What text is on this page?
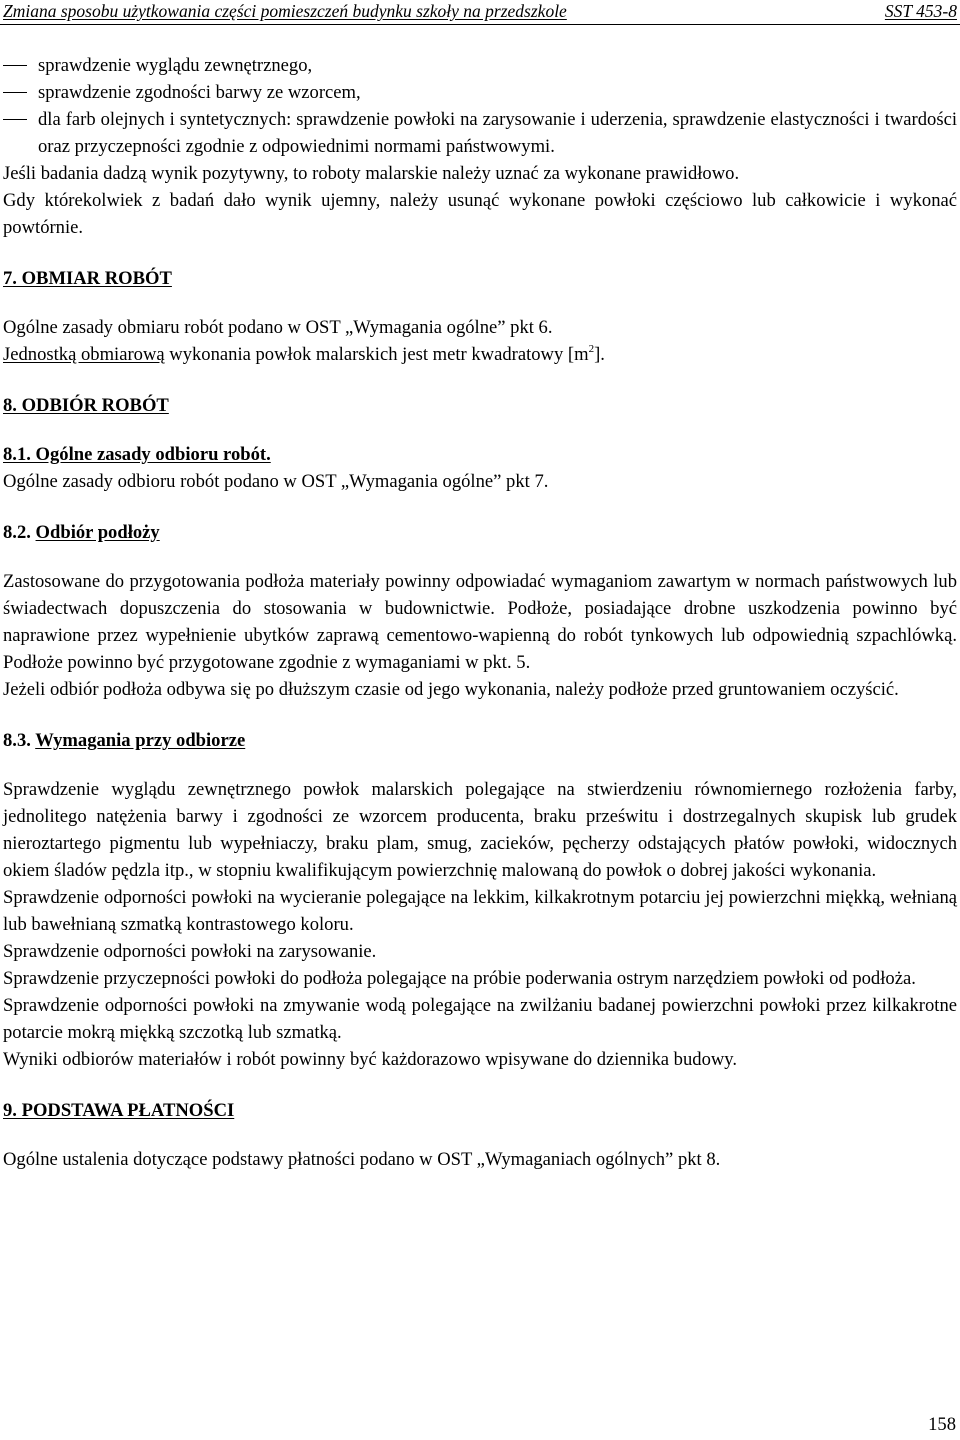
Zmiana sposobu użytkowania części pomieszczeń budynku szkoły na przedszkole	SST 453-8
sprawdzenie wyglądu zewnętrznego,
sprawdzenie zgodności barwy ze wzorcem,
dla farb olejnych i syntetycznych: sprawdzenie powłoki na zarysowanie i uderzenia, sprawdzenie elastyczności i twardości oraz przyczepności zgodnie z odpowiednimi normami państwowymi.

Jeśli badania dadzą wynik pozytywny, to roboty malarskie należy uznać za wykonane prawidłowo.

Gdy którekolwiek z badań dało wynik ujemny, należy usunąć wykonane powłoki częściowo lub całkowicie i wykonać powtórnie.

7. OBMIAR ROBÓT

Ogólne zasady obmiaru robót podano w OST „Wymagania ogólne” pkt 6.

Jednostką obmiarową wykonania powłok malarskich jest metr kwadratowy $[m^2]$.

8. ODBIÓR ROBÓT

8.1. Ogólne zasady odbioru robót.

Ogólne zasady odbioru robót podano w OST „Wymagania ogólne” pkt 7.

8.2. Odbiór podłoży

Zastosowane do przygotowania podłoża materiały powinny odpowiadać wymaganiom zawartym w normach państwowych lub świadectwach dopuszczenia do stosowania w budownictwie. Podłoże, posiadające drobne uszkodzenia powinno być naprawione przez wypełnienie ubytków zaprawą cementowo-wapienną do robót tynkowych lub odpowiednią szpachlówką. Podłoże powinno być przygotowane zgodnie z wymaganiami w pkt. 5.

Jeżeli odbiór podłoża odbywa się po dłuższym czasie od jego wykonania, należy podłoże przed gruntowaniem oczyścić.

8.3. Wymagania przy odbiorze

Sprawdzenie wyglądu zewnętrznego powłok malarskich polegające na stwierdzeniu równomiernego rozłożenia farby, jednolitego natężenia barwy i zgodności ze wzorcem producenta, braku prześwitu i dostrzegalnych skupisk lub grudek nieroztartego pigmentu lub wypełniaczy, braku plam, smug, zacieków, pęcherzy odstających płatów powłoki, widocznych okiem śladów pędzla itp., w stopniu kwalifikującym powierzchnię malowaną do powłok o dobrej jakości wykonania.

Sprawdzenie odporności powłoki na wycieranie polegające na lekkim, kilkakrotnym potarciu jej powierzchni miękką, wełnianą lub bawełnianą szmatką kontrastowego koloru.

Sprawdzenie odporności powłoki na zarysowanie.

Sprawdzenie przyczepności powłoki do podłoża polegające na próbie poderwania ostrym narzędziem powłoki od podłoża.

Sprawdzenie odporności powłoki na zmywanie wodą polegające na zwilżaniu badanej powierzchni powłoki przez kilkakrotne potarcie mokrą miękką szczotką lub szmatką.

Wyniki odbiorów materiałów i robót powinny być każdorazowo wpisywane do dziennika budowy.

9. PODSTAWA PŁATNOŚCI

Ogólne ustalenia dotyczące podstawy płatności podano w OST „Wymaganiach ogólnych” pkt 8.

158
